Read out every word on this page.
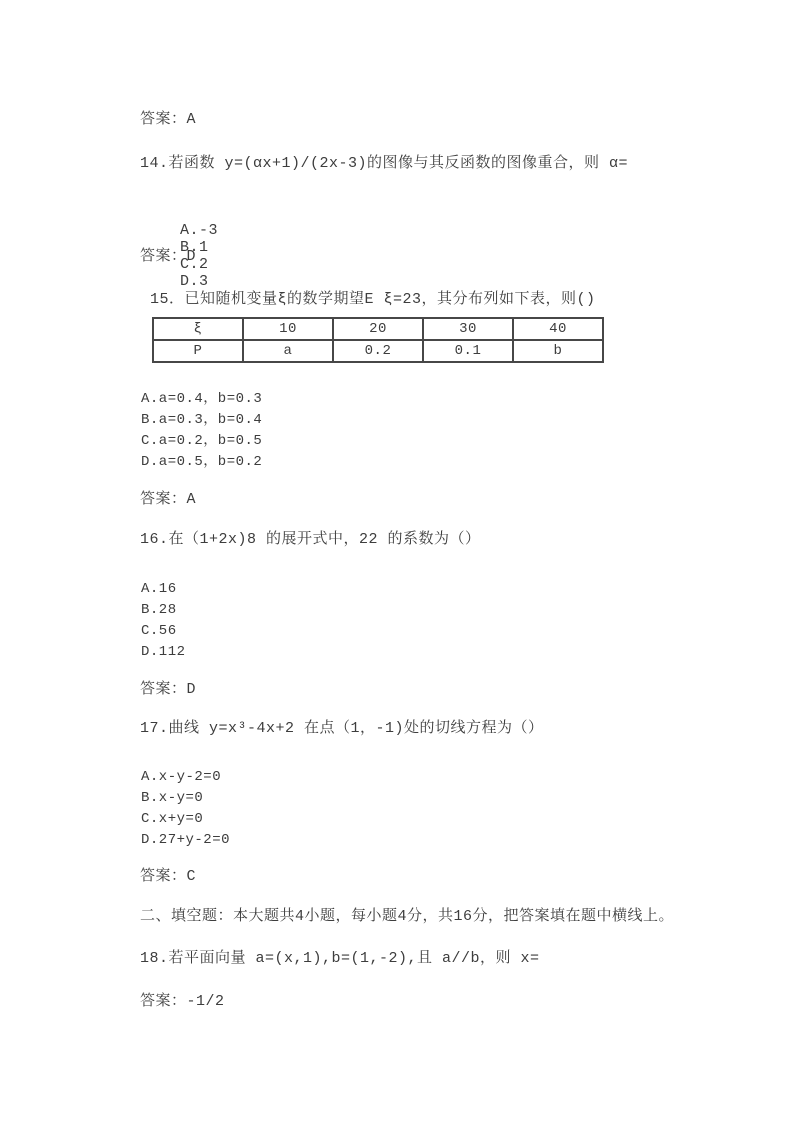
答案：A
14.若函数 y=(αx+1)/(2x-3)的图像与其反函数的图像重合，则 α=

A.-3
B.1
C.2
D.3

答案：D
15．已知随机变量ξ的数学期望E ξ=23，其分布列如下表，则()
ξ	10	20	30	40
P	a	0.2	0.1	b
A.a=0.4，b=0.3
B.a=0.3，b=0.4
C.a=0.2，b=0.5
D.a=0.5，b=0.2
答案：A
16.在（1+2x)8 的展开式中，22 的系数为（）
A.16
B.28
C.56
D.112
答案：D
17.曲线 y=x³-4x+2 在点（1，-1)处的切线方程为（）
A.x-y-2=0
B.x-y=0
C.x+y=0
D.27+y-2=0
答案：C
二、填空题：本大题共4小题，每小题4分，共16分，把答案填在题中横线上。
18.若平面向量 a=(x,1),b=(1,-2),且 a//b，则 x=
答案：-1/2
